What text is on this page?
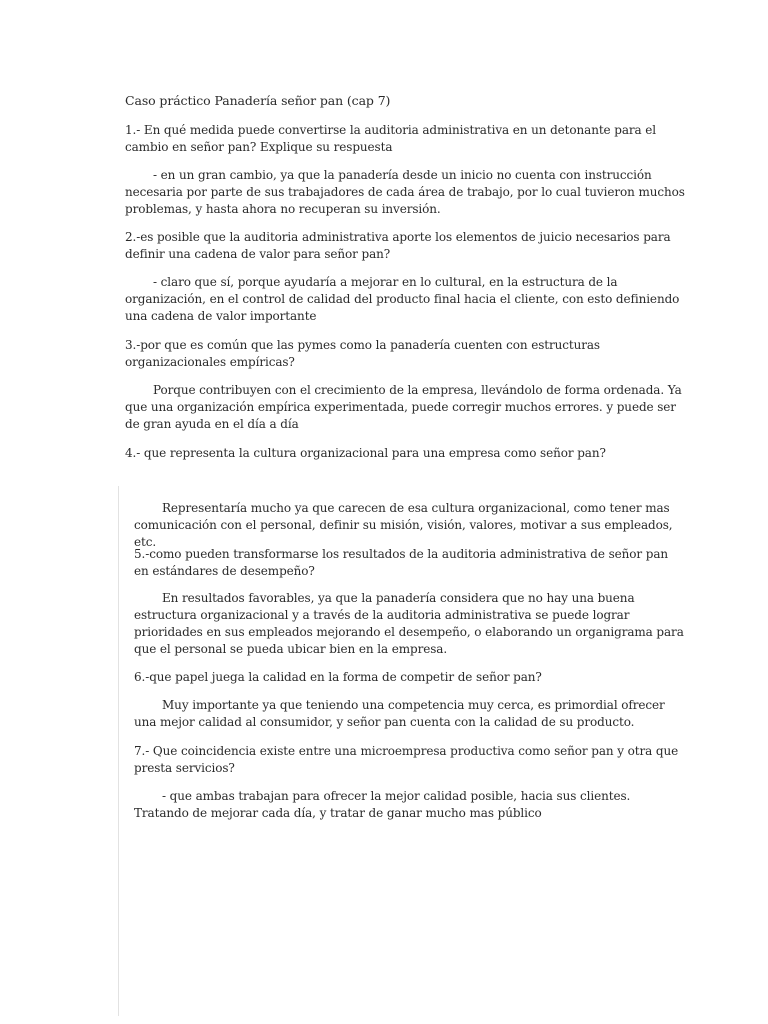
Caso práctico Panadería señor pan (cap 7)
1.- En qué medida puede convertirse la auditoria administrativa en un detonante para el cambio en señor pan? Explique su respuesta
- en un gran cambio, ya que la panadería desde un inicio no cuenta con instrucción necesaria por parte de sus trabajadores de cada área de trabajo, por lo cual tuvieron muchos problemas, y hasta ahora no recuperan su inversión.
2.-es posible que la auditoria administrativa aporte los elementos de juicio necesarios para definir una cadena de valor para señor pan?
- claro que sí, porque ayudaría a mejorar en lo cultural, en la estructura de la organización, en el control de calidad del producto final hacia el cliente, con esto definiendo una cadena de valor importante
3.-por que es común que las pymes como la panadería cuenten con estructuras organizacionales empíricas?
Porque contribuyen con el crecimiento de la empresa, llevándolo de forma ordenada. Ya que una organización empírica experimentada, puede corregir muchos errores. y puede ser de gran ayuda en el día a día
4.- que representa la cultura organizacional para una empresa como señor pan?
Representaría mucho ya que carecen de esa cultura organizacional, como tener mas comunicación con el personal, definir su misión, visión, valores, motivar a sus empleados, etc.
5.-como pueden transformarse los resultados de la auditoria administrativa de señor pan en estándares de desempeño?
En resultados favorables, ya que la panadería considera que no hay una buena estructura organizacional y a través de la auditoria administrativa se puede lograr prioridades en sus empleados mejorando el desempeño, o elaborando un organigrama para que el personal se pueda ubicar bien en la empresa.
6.-que papel juega la calidad en la forma de competir de señor pan?
Muy importante ya que teniendo una competencia muy cerca, es primordial ofrecer una mejor calidad al consumidor, y señor pan cuenta con la calidad de su producto.
7.- Que coincidencia existe entre una microempresa productiva como señor pan y otra que presta servicios?
- que ambas trabajan para ofrecer la mejor calidad posible, hacia sus clientes. Tratando de mejorar cada día, y tratar de ganar mucho mas público
